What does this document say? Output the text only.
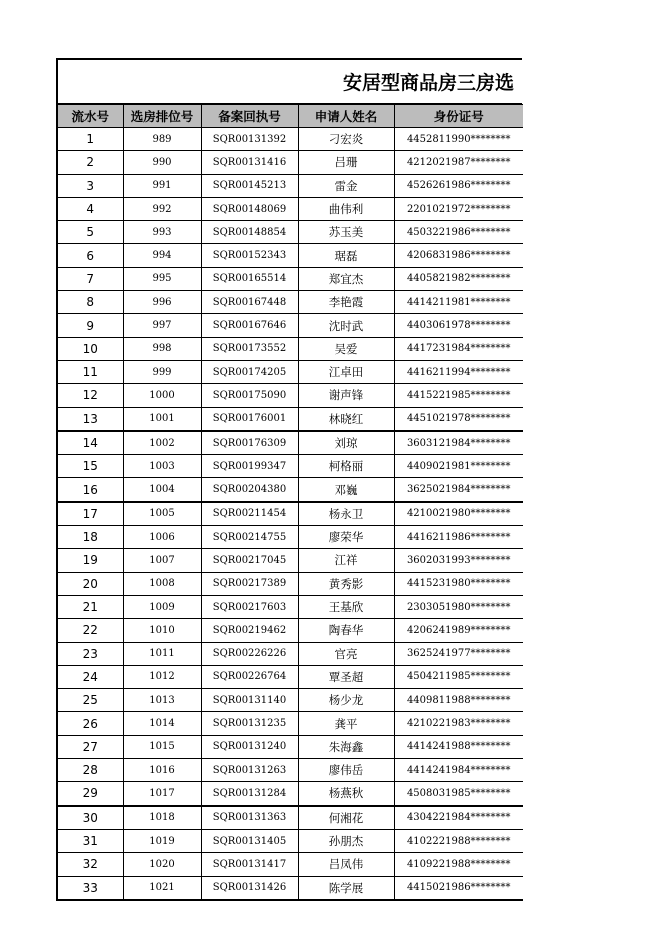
安居型商品房三房选
流水号	选房排位号	备案回执号	申请人姓名	身份证号
1	989	SQR00131392	刁宏炎	4452811990********
2	990	SQR00131416	吕珊	4212021987********
3	991	SQR00145213	雷金	4526261986********
4	992	SQR00148069	曲伟利	2201021972********
5	993	SQR00148854	苏玉美	4503221986********
6	994	SQR00152343	琚磊	4206831986********
7	995	SQR00165514	郑宜杰	4405821982********
8	996	SQR00167448	李艳霞	4414211981********
9	997	SQR00167646	沈时武	4403061978********
10	998	SQR00173552	吴爱	4417231984********
11	999	SQR00174205	江卓田	4416211994********
12	1000	SQR00175090	谢声锋	4415221985********
13	1001	SQR00176001	林晓红	4451021978********
14	1002	SQR00176309	刘琼	3603121984********
15	1003	SQR00199347	柯格丽	4409021981********
16	1004	SQR00204380	邓巍	3625021984********
17	1005	SQR00211454	杨永卫	4210021980********
18	1006	SQR00214755	廖荣华	4416211986********
19	1007	SQR00217045	江祥	3602031993********
20	1008	SQR00217389	黄秀影	4415231980********
21	1009	SQR00217603	王基欣	2303051980********
22	1010	SQR00219462	陶春华	4206241989********
23	1011	SQR00226226	官亮	3625241977********
24	1012	SQR00226764	覃圣超	4504211985********
25	1013	SQR00131140	杨少龙	4409811988********
26	1014	SQR00131235	龚平	4210221983********
27	1015	SQR00131240	朱海鑫	4414241988********
28	1016	SQR00131263	廖伟岳	4414241984********
29	1017	SQR00131284	杨燕秋	4508031985********
30	1018	SQR00131363	何湘花	4304221984********
31	1019	SQR00131405	孙朋杰	4102221988********
32	1020	SQR00131417	吕凤伟	4109221988********
33	1021	SQR00131426	陈学展	4415021986********
